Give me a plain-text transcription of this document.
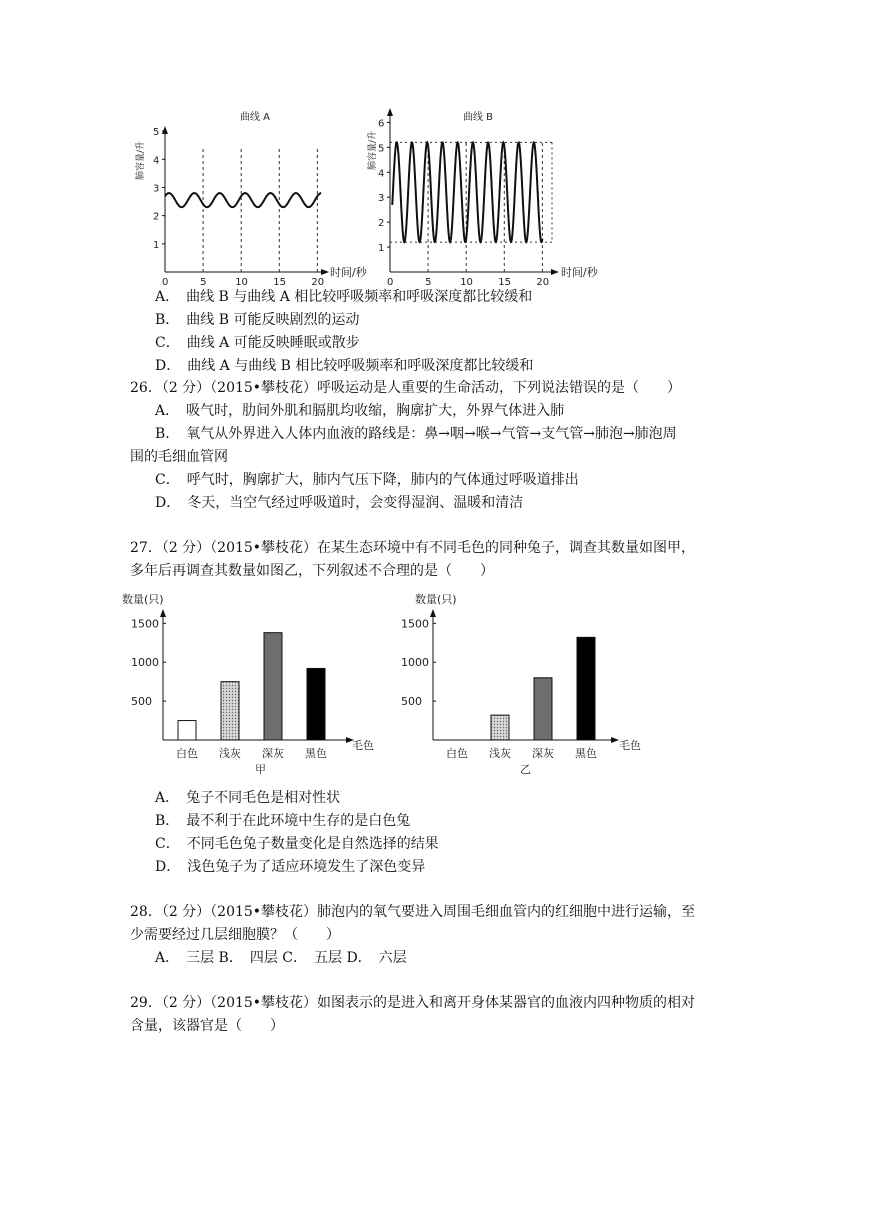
曲线 A
肺容量/升
时间/秒
1
2
3
4
5
0	5	10	15	20
曲线 B
肺容量/升
时间/秒
1
2
3
4
5
6
0	5	10	15	20
A．　曲线 B 与曲线 A 相比较呼吸频率和呼吸深度都比较缓和
B．　曲线 B 可能反映剧烈的运动
C．　曲线 A 可能反映睡眠或散步
D．　曲线 A 与曲线 B 相比较呼吸频率和呼吸深度都比较缓和
26．（2 分）（2015•攀枝花）呼吸运动是人重要的生命活动，下列说法错误的是（　　）
A．　吸气时，肋间外肌和膈肌均收缩，胸廓扩大，外界气体进入肺
B．　氧气从外界进入人体内血液的路线是：鼻→咽→喉→气管→支气管→肺泡→肺泡周
围的毛细血管网
C．　呼气时，胸廓扩大，肺内气压下降，肺内的气体通过呼吸道排出
D．　冬天，当空气经过呼吸道时，会变得湿润、温暖和清洁
27．（2 分）（2015•攀枝花）在某生态环境中有不同毛色的同种兔子，调查其数量如图甲，
多年后再调查其数量如图乙，下列叙述不合理的是（　　）
数量(只)
500
1000
1500
白色 浅灰 深灰 黑色
毛色
甲
数量(只)
500
1000
1500
白色 浅灰 深灰 黑色
毛色
乙
A．　兔子不同毛色是相对性状
B．　最不利于在此环境中生存的是白色兔
C．　不同毛色兔子数量变化是自然选择的结果
D．　浅色兔子为了适应环境发生了深色变异
28．（2 分）（2015•攀枝花）肺泡内的氧气要进入周围毛细血管内的红细胞中进行运输，至
少需要经过几层细胞膜？（　　）
A．　三层 B．　四层 C．　五层 D．　六层
29．（2 分）（2015•攀枝花）如图表示的是进入和离开身体某器官的血液内四种物质的相对
含量，该器官是（　　）
